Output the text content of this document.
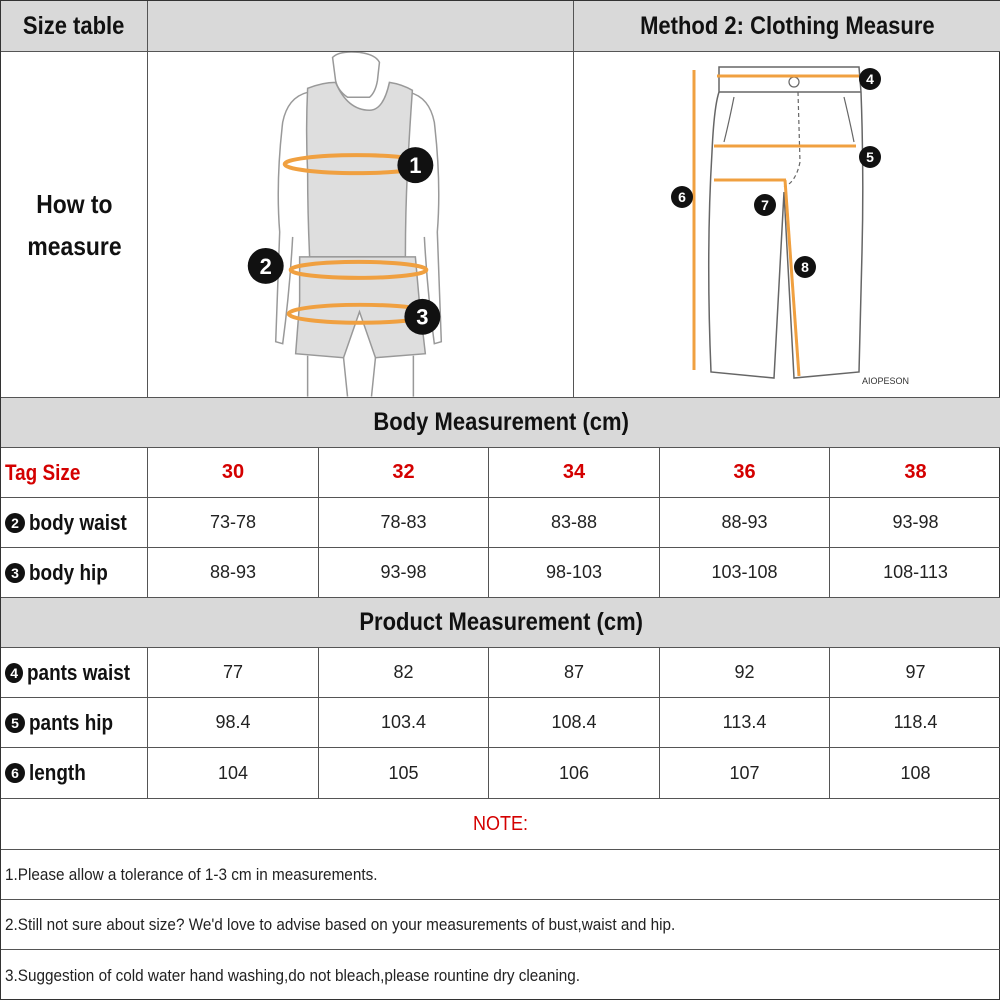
Size table	Method 2: Clothing Measure
How to
measure
1
2
3
4
5
6	7
8
AIOPESON
Body Measurement (cm)
Tag Size	30	32	34	36	38
2 body waist	73-78	78-83	83-88	88-93	93-98
3 body hip	88-93	93-98	98-103	103-108	108-113
Product Measurement (cm)
4 pants waist	77	82	87	92	97
5 pants hip	98.4	103.4	108.4	113.4	118.4
6 length	104	105	106	107	108
NOTE:
1.Please allow a tolerance of 1-3 cm in measurements.
2.Still not sure about size? We'd love to advise based on your measurements of bust,waist and hip.
3.Suggestion of cold water hand washing,do not bleach,please rountine dry cleaning.
